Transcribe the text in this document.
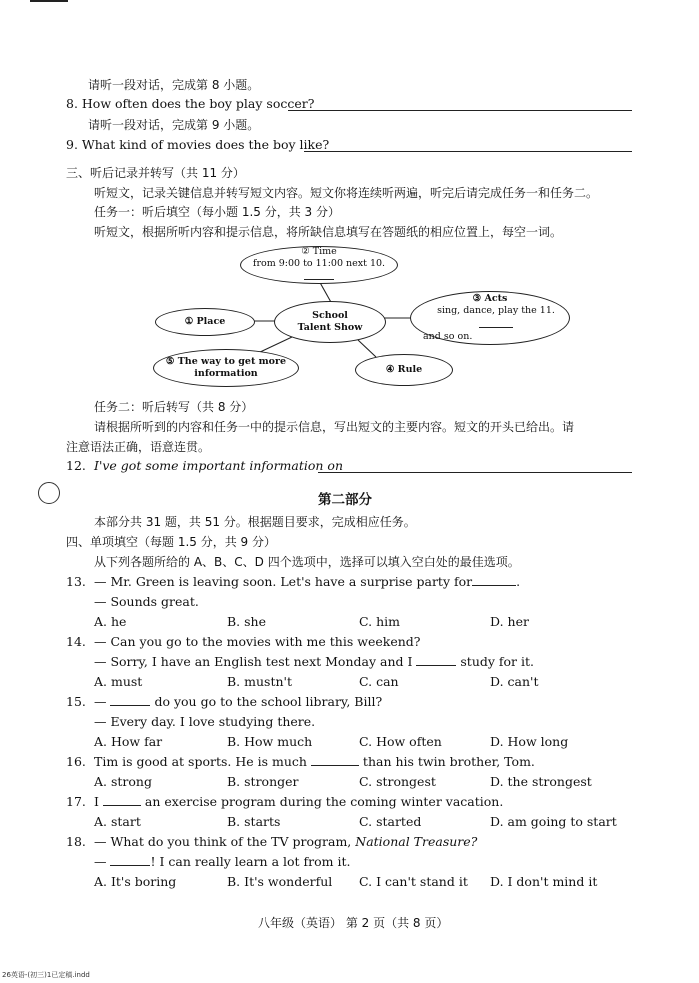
请听一段对话，完成第 8 小题。
8. How often does the boy play soccer?
请听一段对话，完成第 9 小题。
9. What kind of movies does the boy like?
三、听后记录并转写（共 11 分）
听短文，记录关键信息并转写短文内容。短文你将连续听两遍，听完后请完成任务一和任务二。
任务一：听后填空（每小题 1.5 分，共 3 分）
听短文，根据所听内容和提示信息，将所缺信息填写在答题纸的相应位置上，每空一词。
② Time
from 9:00 to 11:00 next 10.
School
Talent Show
① Place
③ Acts
sing, dance, play the 11.
and so on.
⑤ The way to get more
information	④ Rule
任务二：听后转写（共 8 分）
请根据所听到的内容和任务一中的提示信息，写出短文的主要内容。短文的开头已给出。请
注意语法正确，语意连贯。
12. I've got some important information on
第二部分
本部分共 31 题，共 51 分。根据题目要求，完成相应任务。
四、单项填空（每题 1.5 分，共 9 分）
从下列各题所给的 A、B、C、D 四个选项中，选择可以填入空白处的最佳选项。
13. — Mr. Green is leaving soon. Let's have a surprise party for	.
— Sounds great.
A. he	B. she	C. him	D. her
14. — Can you go to the movies with me this weekend?
— Sorry, I have an English test next Monday and I	study for it.
A. must	B. mustn't	C. can	D. can't
15. —	do you go to the school library, Bill?
— Every day. I love studying there.
A. How far	B. How much	C. How often	D. How long
16. Tim is good at sports. He is much	than his twin brother, Tom.
A. strong	B. stronger	C. strongest	D. the strongest
17. I	an exercise program during the coming winter vacation.
A. start	B. starts	C. started	D. am going to start
18. — What do you think of the TV program, National Treasure?
—	! I can really learn a lot from it.
A. It's boring	B. It's wonderful C. I can't stand it D. I don't mind it
八年级（英语） 第 2 页（共 8 页）
26英语-(初三)1已定稿.indd
